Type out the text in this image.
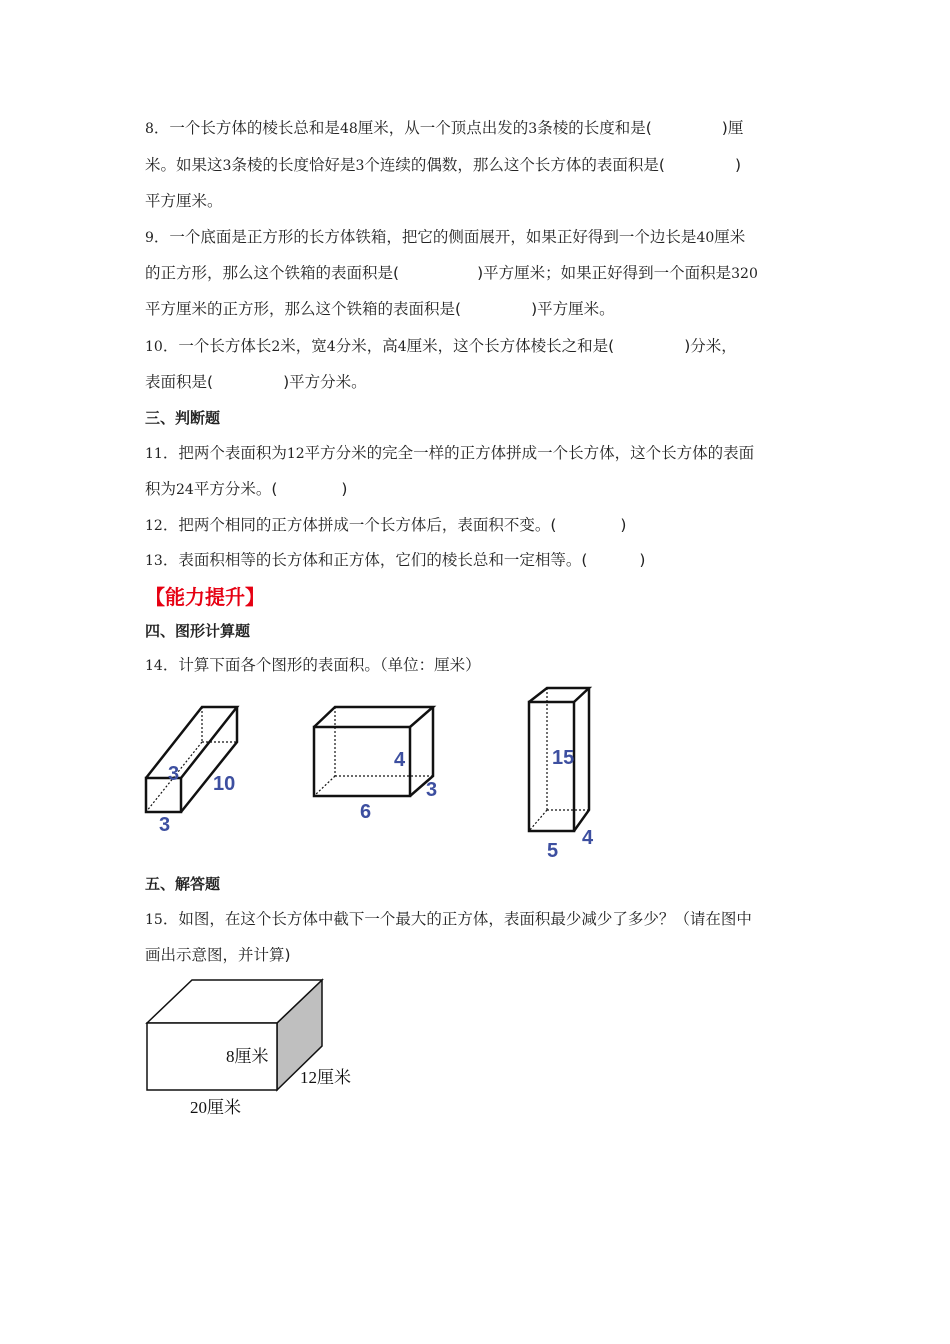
8．一个长方体的棱长总和是48厘米，从一个顶点出发的3条棱的长度和是(	)厘
米。如果这3条棱的长度恰好是3个连续的偶数，那么这个长方体的表面积是(	)
平方厘米。
9．一个底面是正方形的长方体铁箱，把它的侧面展开，如果正好得到一个边长是40厘米
的正方形，那么这个铁箱的表面积是(	)平方厘米；如果正好得到一个面积是320
平方厘米的正方形，那么这个铁箱的表面积是(	)平方厘米。
10．一个长方体长2米，宽4分米，高4厘米，这个长方体棱长之和是(	)分米，
表面积是(	)平方分米。
三、判断题
11．把两个表面积为12平方分米的完全一样的正方体拼成一个长方体，这个长方体的表面
积为24平方分米。(	)
12．把两个相同的正方体拼成一个长方体后，表面积不变。(	)
13．表面积相等的长方体和正方体，它们的棱长总和一定相等。(	)
【能力提升】
四、图形计算题
14．计算下面各个图形的表面积。（单位：厘米）
3 10
3
4
6
3
15
5
4
五、解答题
15．如图，在这个长方体中截下一个最大的正方体，表面积最少减少了多少？（请在图中
画出示意图，并计算)
8厘米
12厘米
20厘米
